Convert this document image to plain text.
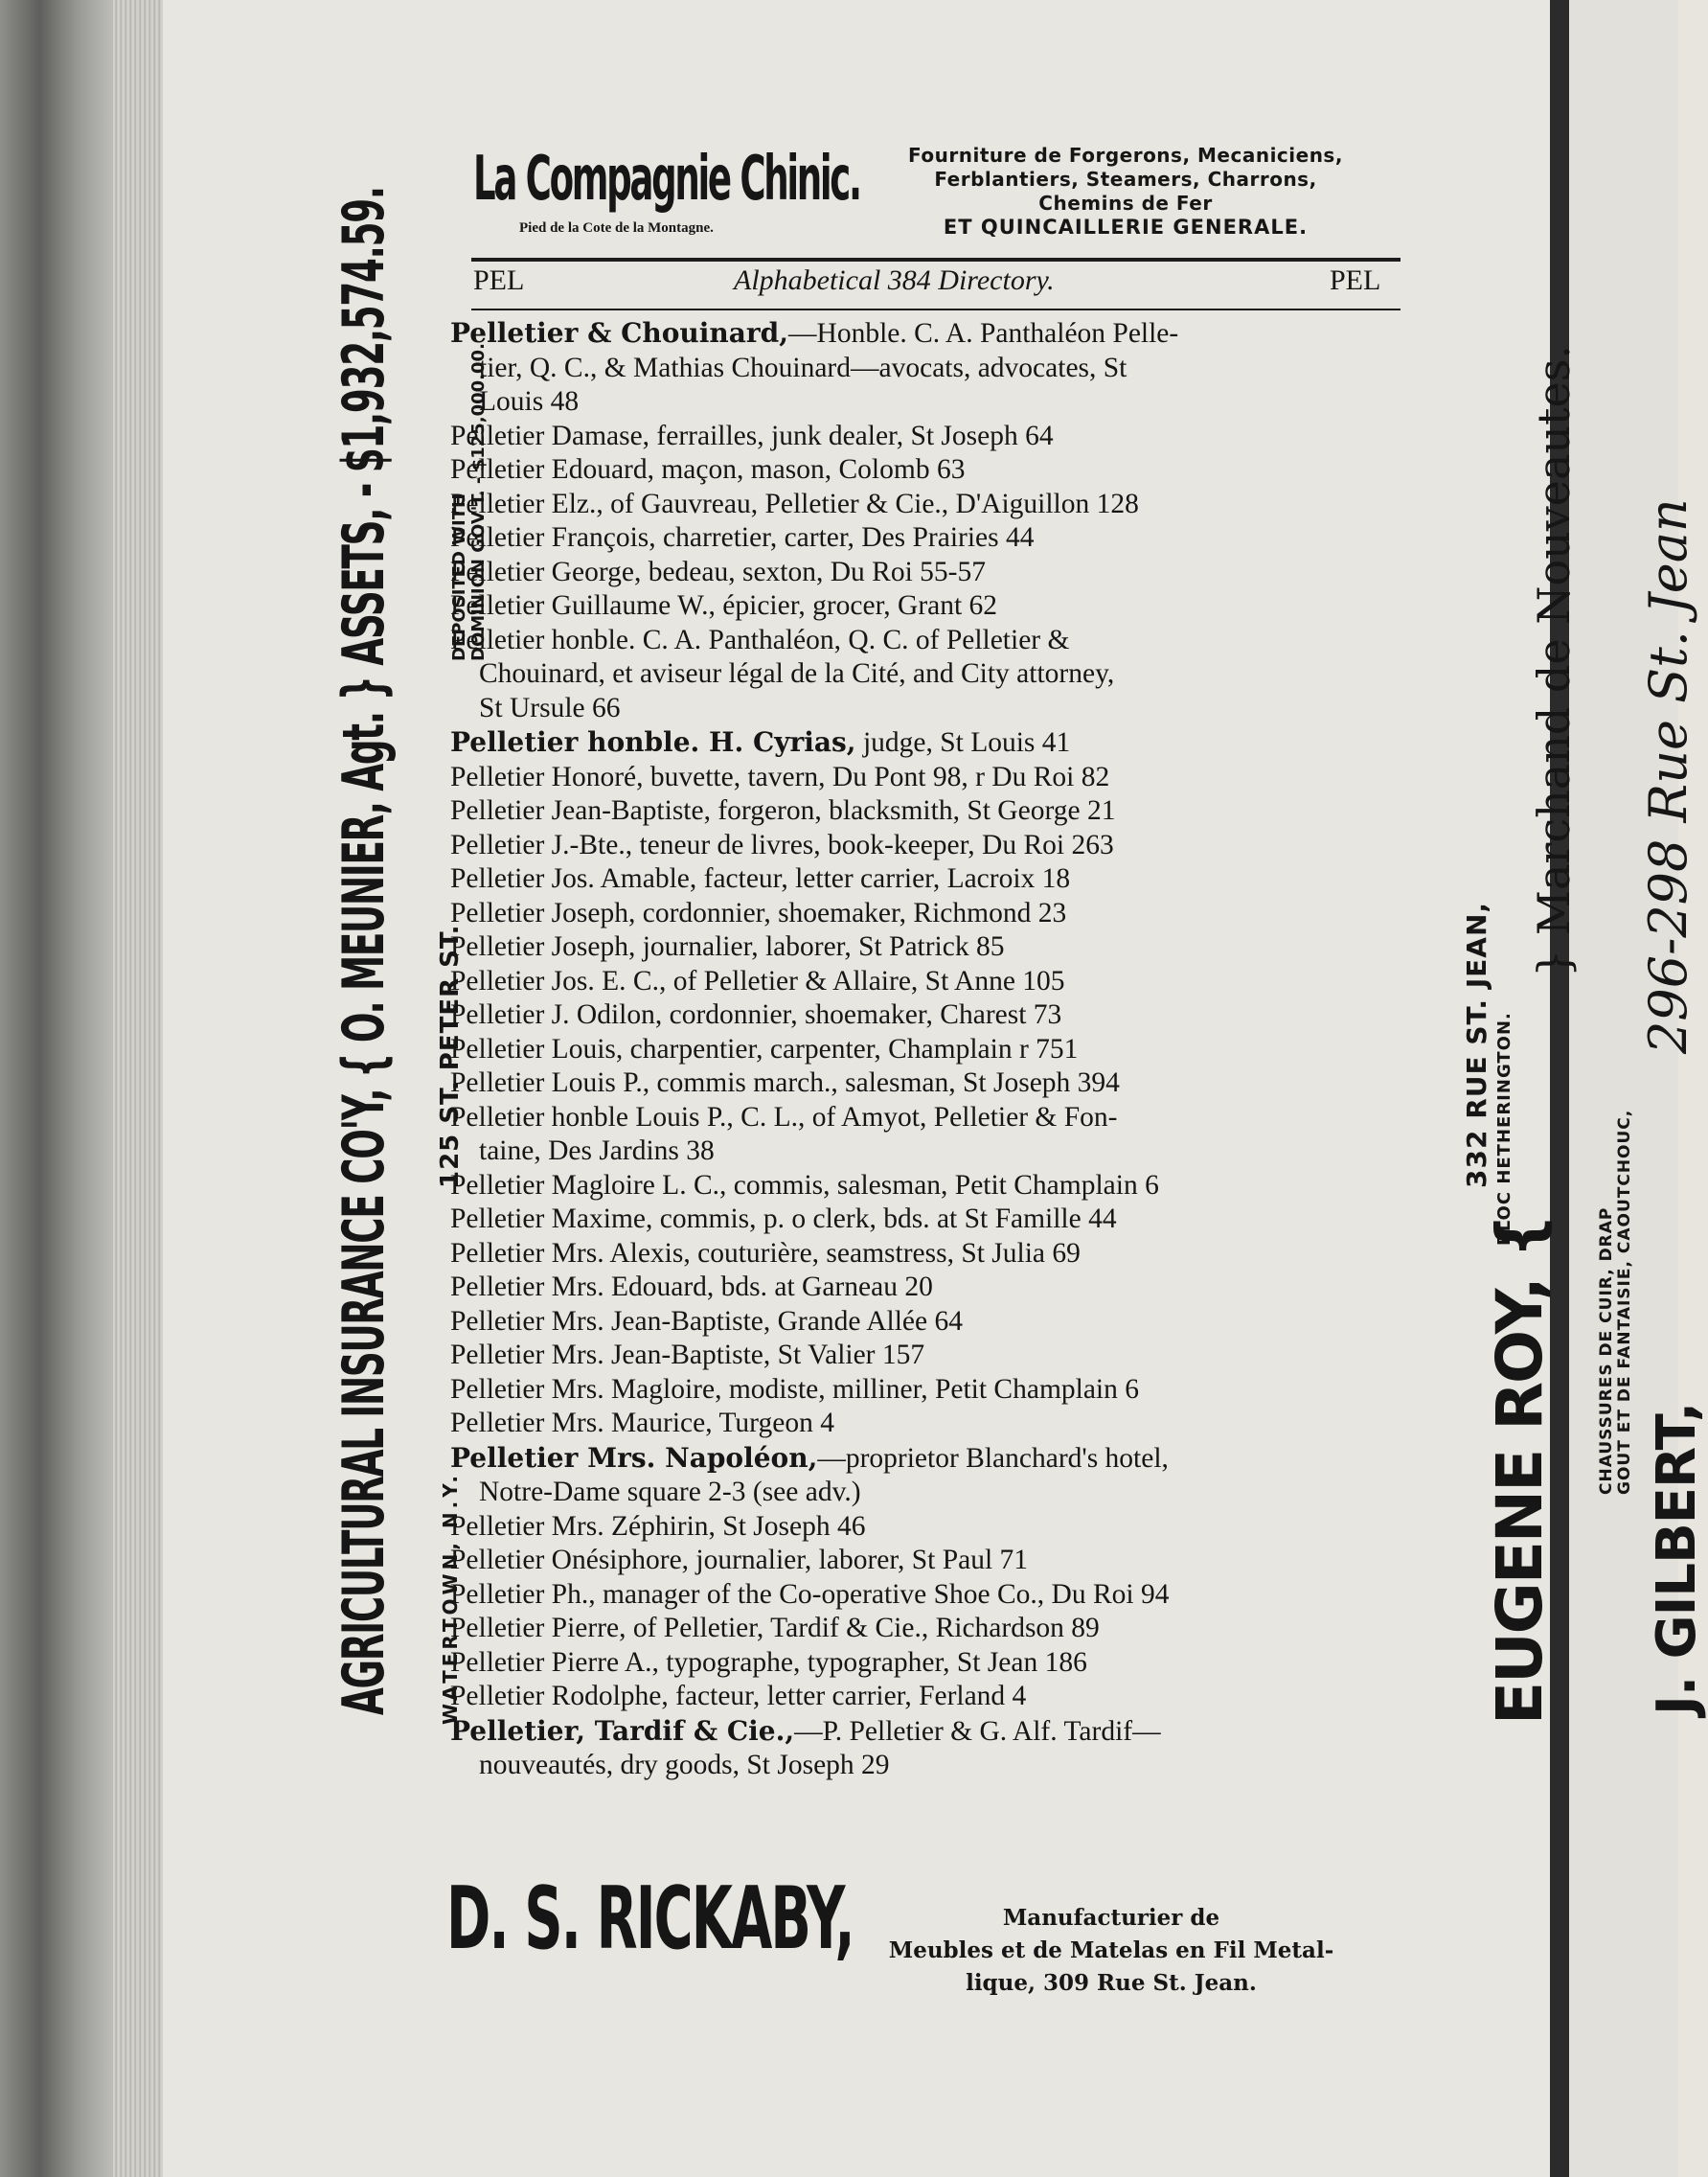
AGRICULTURAL INSURANCE CO'Y, { O. MEUNIER, Agt. } ASSETS, - $1,932,574.59. WATERTOWN, N.Y.
125 ST. PETER ST.
DEPOSITED WITH DOMINION GOV'T. - $125,000.00.
EUGENE ROY, {
332 RUE ST. JEAN, BLOC HETHERINGTON.
} Marchand de Nouveautes.
J. GILBERT,
296-298 Rue St. Jean
CHAUSSURES DE CUIR, DRAP GOUT ET DE FANTAISIE, CAOUTCHOUC,
La Compagnie Chinic.
Pied de la Cote de la Montagne.
Fourniture de Forgerons, Mecaniciens,
Ferblantiers, Steamers, Charrons,
Chemins de Fer
ET QUINCAILLERIE GENERALE.
PEL	Alphabetical 384 Directory.	PEL
Pelletier & Chouinard,—Honble. C. A. Panthaléon Pelle-
tier, Q. C., & Mathias Chouinard—avocats, advocates, St
Louis 48
Pelletier Damase, ferrailles, junk dealer, St Joseph 64
Pelletier Edouard, maçon, mason, Colomb 63
Pelletier Elz., of Gauvreau, Pelletier & Cie., D'Aiguillon 128
Pelletier François, charretier, carter, Des Prairies 44
Pelletier George, bedeau, sexton, Du Roi 55-57
Pelletier Guillaume W., épicier, grocer, Grant 62
Pelletier honble. C. A. Panthaléon, Q. C. of Pelletier &
Chouinard, et aviseur légal de la Cité, and City attorney,
St Ursule 66
Pelletier honble. H. Cyrias, judge, St Louis 41
Pelletier Honoré, buvette, tavern, Du Pont 98, r Du Roi 82
Pelletier Jean-Baptiste, forgeron, blacksmith, St George 21
Pelletier J.-Bte., teneur de livres, book-keeper, Du Roi 263
Pelletier Jos. Amable, facteur, letter carrier, Lacroix 18
Pelletier Joseph, cordonnier, shoemaker, Richmond 23
Pelletier Joseph, journalier, laborer, St Patrick 85
Pelletier Jos. E. C., of Pelletier & Allaire, St Anne 105
Pelletier J. Odilon, cordonnier, shoemaker, Charest 73
Pelletier Louis, charpentier, carpenter, Champlain r 751
Pelletier Louis P., commis march., salesman, St Joseph 394
Pelletier honble Louis P., C. L., of Amyot, Pelletier & Fon-
taine, Des Jardins 38
Pelletier Magloire L. C., commis, salesman, Petit Champlain 6
Pelletier Maxime, commis, p. o clerk, bds. at St Famille 44
Pelletier Mrs. Alexis, couturière, seamstress, St Julia 69
Pelletier Mrs. Edouard, bds. at Garneau 20
Pelletier Mrs. Jean-Baptiste, Grande Allée 64
Pelletier Mrs. Jean-Baptiste, St Valier 157
Pelletier Mrs. Magloire, modiste, milliner, Petit Champlain 6
Pelletier Mrs. Maurice, Turgeon 4
Pelletier Mrs. Napoléon,—proprietor Blanchard's hotel,
Notre-Dame square 2-3 (see adv.)
Pelletier Mrs. Zéphirin, St Joseph 46
Pelletier Onésiphore, journalier, laborer, St Paul 71
Pelletier Ph., manager of the Co-operative Shoe Co., Du Roi 94
Pelletier Pierre, of Pelletier, Tardif & Cie., Richardson 89
Pelletier Pierre A., typographe, typographer, St Jean 186
Pelletier Rodolphe, facteur, letter carrier, Ferland 4
Pelletier, Tardif & Cie.,—P. Pelletier & G. Alf. Tardif—
nouveautés, dry goods, St Joseph 29
D. S. RICKABY,	Manufacturier de
Meubles et de Matelas en Fil Metal-
lique, 309 Rue St. Jean.
